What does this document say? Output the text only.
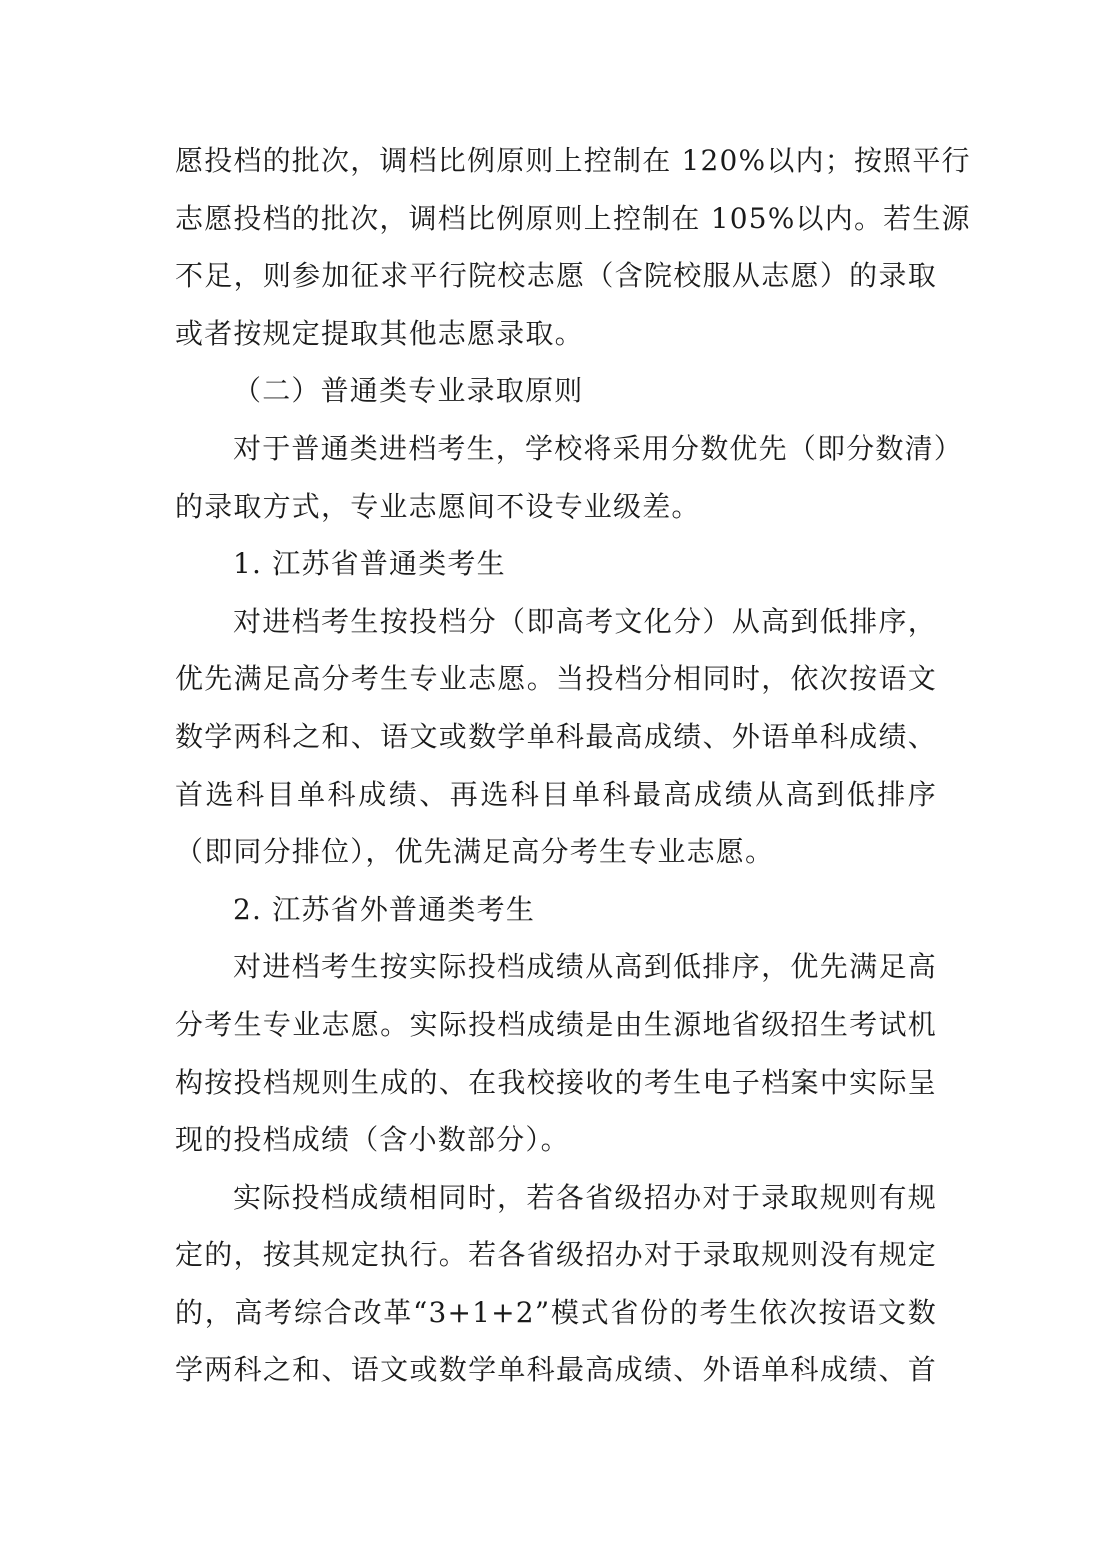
愿投档的批次，调档比例原则上控制在 120%以内；按照平行
志愿投档的批次，调档比例原则上控制在 105%以内。若生源
不足，则参加征求平行院校志愿（含院校服从志愿）的录取
或者按规定提取其他志愿录取。
（二）普通类专业录取原则
对于普通类进档考生，学校将采用分数优先（即分数清）
的录取方式，专业志愿间不设专业级差。
1. 江苏省普通类考生
对进档考生按投档分（即高考文化分）从高到低排序，
优先满足高分考生专业志愿。当投档分相同时，依次按语文
数学两科之和、语文或数学单科最高成绩、外语单科成绩、
首选科目单科成绩、再选科目单科最高成绩从高到低排序
（即同分排位），优先满足高分考生专业志愿。
2. 江苏省外普通类考生
对进档考生按实际投档成绩从高到低排序，优先满足高
分考生专业志愿。实际投档成绩是由生源地省级招生考试机
构按投档规则生成的、在我校接收的考生电子档案中实际呈
现的投档成绩（含小数部分）。
实际投档成绩相同时，若各省级招办对于录取规则有规
定的，按其规定执行。若各省级招办对于录取规则没有规定
的，高考综合改革“3+1+2”模式省份的考生依次按语文数
学两科之和、语文或数学单科最高成绩、外语单科成绩、首
